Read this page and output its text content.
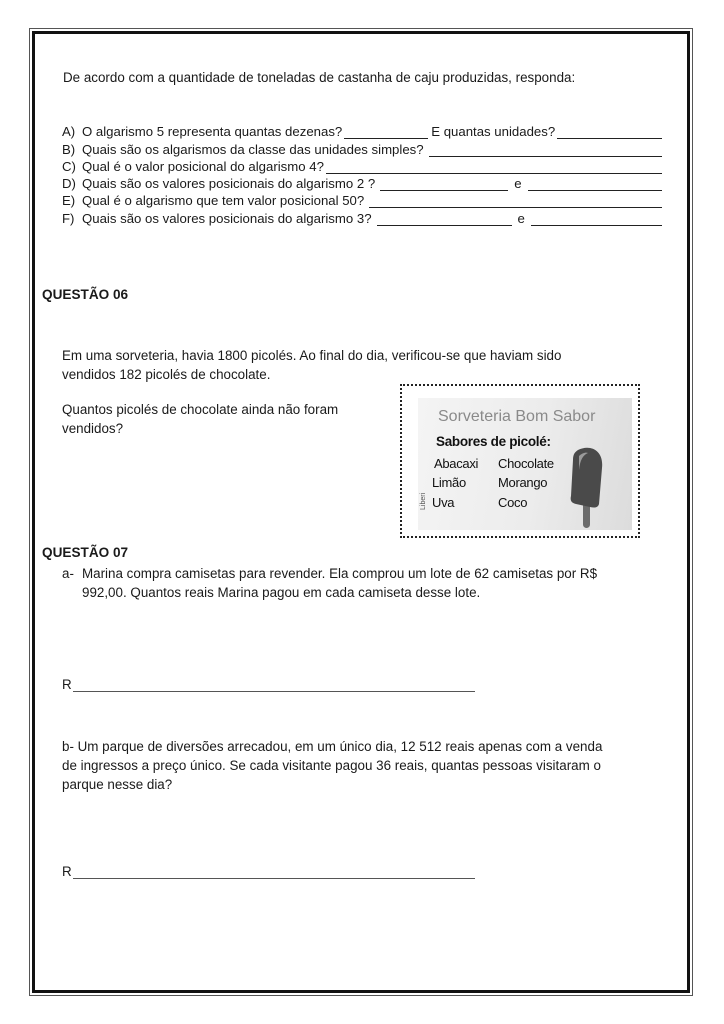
De acordo com a quantidade de toneladas de castanha de caju produzidas, responda:
A) O algarismo 5 representa quantas dezenas?	E quantas unidades?
B) Quais são os algarismos da classe das unidades simples?
C) Qual é o valor posicional do algarismo 4?
D) Quais são os valores posicionais do algarismo 2 ?	e
E) Qual é o algarismo que tem valor posicional 50?
F) Quais são os valores posicionais do algarismo 3?	e
QUESTÃO 06
Em uma sorveteria, havia 1800 picolés. Ao final do dia, verificou-se que haviam sido
vendidos 182 picolés de chocolate.
Quantos picolés de chocolate ainda não foram
vendidos?
Sorveteria Bom Sabor
Sabores de picolé:
Abacaxi Chocolate
Limão Morango
Uva	Coco
Liberi
QUESTÃO 07
a- Marina compra camisetas para revender. Ela comprou um lote de 62 camisetas por R$
992,00. Quantos reais Marina pagou em cada camiseta desse lote.
R
b- Um parque de diversões arrecadou, em um único dia, 12 512 reais apenas com a venda
de ingressos a preço único. Se cada visitante pagou 36 reais, quantas pessoas visitaram o
parque nesse dia?
R
